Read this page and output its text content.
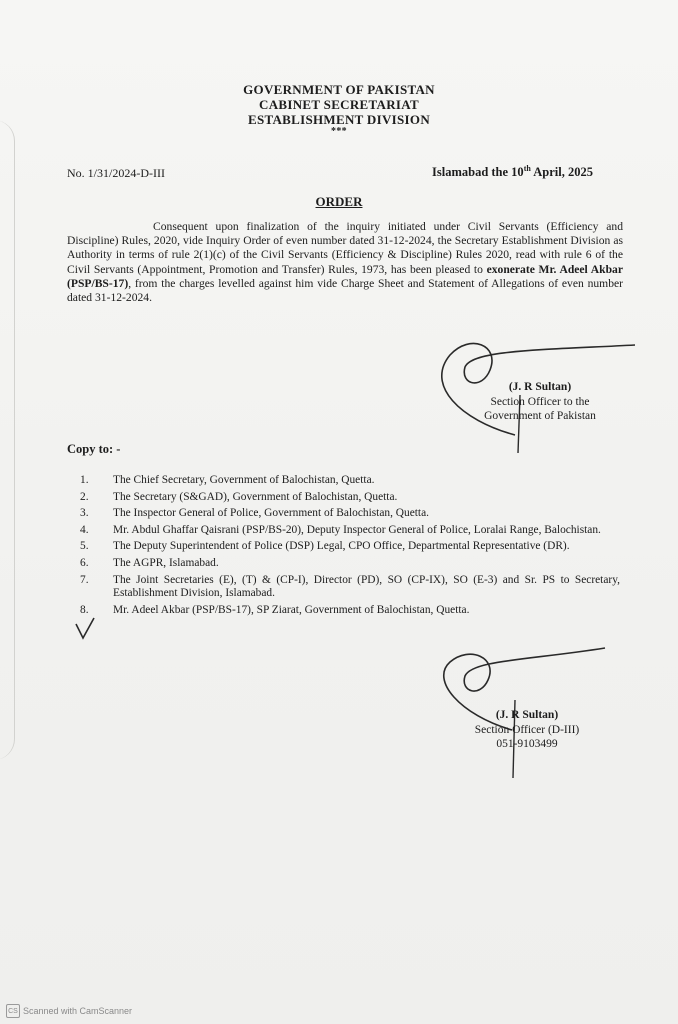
GOVERNMENT OF PAKISTAN
CABINET SECRETARIAT
ESTABLISHMENT DIVISION
***
No. 1/31/2024-D-III	Islamabad the 10th April, 2025
ORDER
Consequent upon finalization of the inquiry initiated under Civil Servants (Efficiency and Discipline) Rules, 2020, vide Inquiry Order of even number dated 31-12-2024, the Secretary Establishment Division as Authority in terms of rule 2(1)(c) of the Civil Servants (Efficiency & Discipline) Rules 2020, read with rule 6 of the Civil Servants (Appointment, Promotion and Transfer) Rules, 1973, has been pleased to exonerate Mr. Adeel Akbar (PSP/BS-17), from the charges levelled against him vide Charge Sheet and Statement of Allegations of even number dated 31-12-2024.
(J. R Sultan)
Section Officer to the
Government of Pakistan
Copy to: -
1.	The Chief Secretary, Government of Balochistan, Quetta.
2.	The Secretary (S&GAD), Government of Balochistan, Quetta.
3.	The Inspector General of Police, Government of Balochistan, Quetta.
4.	Mr. Abdul Ghaffar Qaisrani (PSP/BS-20), Deputy Inspector General of Police, Loralai Range, Balochistan.
5.	The Deputy Superintendent of Police (DSP) Legal, CPO Office, Departmental Representative (DR).
6.	The AGPR, Islamabad.
7.	The Joint Secretaries (E), (T) & (CP-I), Director (PD), SO (CP-IX), SO (E-3) and Sr. PS to Secretary, Establishment Division, Islamabad.
8.	Mr. Adeel Akbar (PSP/BS-17), SP Ziarat, Government of Balochistan, Quetta.
(J. R Sultan)
Section Officer (D-III)
051-9103499
CS Scanned with CamScanner
